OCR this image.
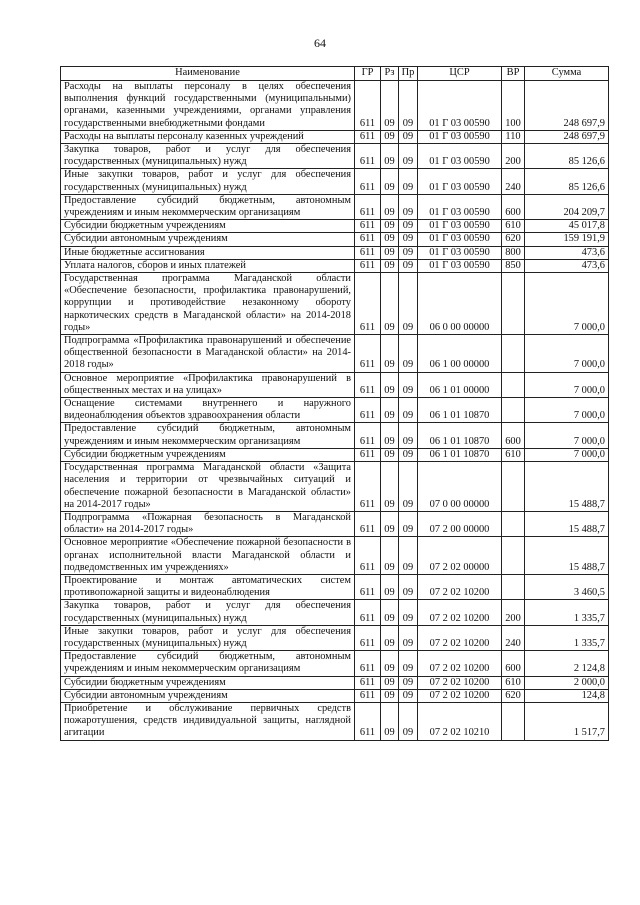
64
Наименование	ГР	Рз	Пр	ЦСР	ВР	Сумма
Расходы на выплаты персоналу в целях обеспечения выполнения функций государственными (муниципальными) органами, казенными учреждениями, органами управления государственными внебюджетными фондами	611	09	09	01 Г 03 00590	100	248 697,9
Расходы на выплаты персоналу казенных учреждений	611	09	09	01 Г 03 00590	110	248 697,9
Закупка товаров, работ и услуг для обеспечения государственных (муниципальных) нужд	611	09	09	01 Г 03 00590	200	85 126,6
Иные закупки товаров, работ и услуг для обеспечения государственных (муниципальных) нужд	611	09	09	01 Г 03 00590	240	85 126,6
Предоставление субсидий бюджетным, автономным учреждениям и иным некоммерческим организациям	611	09	09	01 Г 03 00590	600	204 209,7
Субсидии бюджетным учреждениям	611	09	09	01 Г 03 00590	610	45 017,8
Субсидии автономным учреждениям	611	09	09	01 Г 03 00590	620	159 191,9
Иные бюджетные ассигнования	611	09	09	01 Г 03 00590	800	473,6
Уплата налогов, сборов и иных платежей	611	09	09	01 Г 03 00590	850	473,6
Государственная программа Магаданской области «Обеспечение безопасности, профилактика правонарушений, коррупции и противодействие незаконному обороту наркотических средств в Магаданской области» на 2014-2018 годы»	611	09	09	06 0 00 00000		7 000,0
Подпрограмма «Профилактика правонарушений и обеспечение общественной безопасности в Магаданской области» на 2014-2018 годы»	611	09	09	06 1 00 00000		7 000,0
Основное мероприятие «Профилактика правонарушений в общественных местах и на улицах»	611	09	09	06 1 01 00000		7 000,0
Оснащение системами внутреннего и наружного видеонаблюдения объектов здравоохранения области	611	09	09	06 1 01 10870		7 000,0
Предоставление субсидий бюджетным, автономным учреждениям и иным некоммерческим организациям	611	09	09	06 1 01 10870	600	7 000,0
Субсидии бюджетным учреждениям	611	09	09	06 1 01 10870	610	7 000,0
Государственная программа Магаданской области «Защита населения и территории от чрезвычайных ситуаций и обеспечение пожарной безопасности в Магаданской области» на 2014-2017 годы»	611	09	09	07 0 00 00000		15 488,7
Подпрограмма «Пожарная безопасность в Магаданской области» на 2014-2017 годы»	611	09	09	07 2 00 00000		15 488,7
Основное мероприятие «Обеспечение пожарной безопасности в органах исполнительной власти Магаданской области и подведомственных им учреждениях»	611	09	09	07 2 02 00000		15 488,7
Проектирование и монтаж автоматических систем противопожарной защиты и видеонаблюдения	611	09	09	07 2 02 10200		3 460,5
Закупка товаров, работ и услуг для обеспечения государственных (муниципальных) нужд	611	09	09	07 2 02 10200	200	1 335,7
Иные закупки товаров, работ и услуг для обеспечения государственных (муниципальных) нужд	611	09	09	07 2 02 10200	240	1 335,7
Предоставление субсидий бюджетным, автономным учреждениям и иным некоммерческим организациям	611	09	09	07 2 02 10200	600	2 124,8
Субсидии бюджетным учреждениям	611	09	09	07 2 02 10200	610	2 000,0
Субсидии автономным учреждениям	611	09	09	07 2 02 10200	620	124,8
Приобретение и обслуживание первичных средств пожаротушения, средств индивидуальной защиты, наглядной агитации	611	09	09	07 2 02 10210		1 517,7
